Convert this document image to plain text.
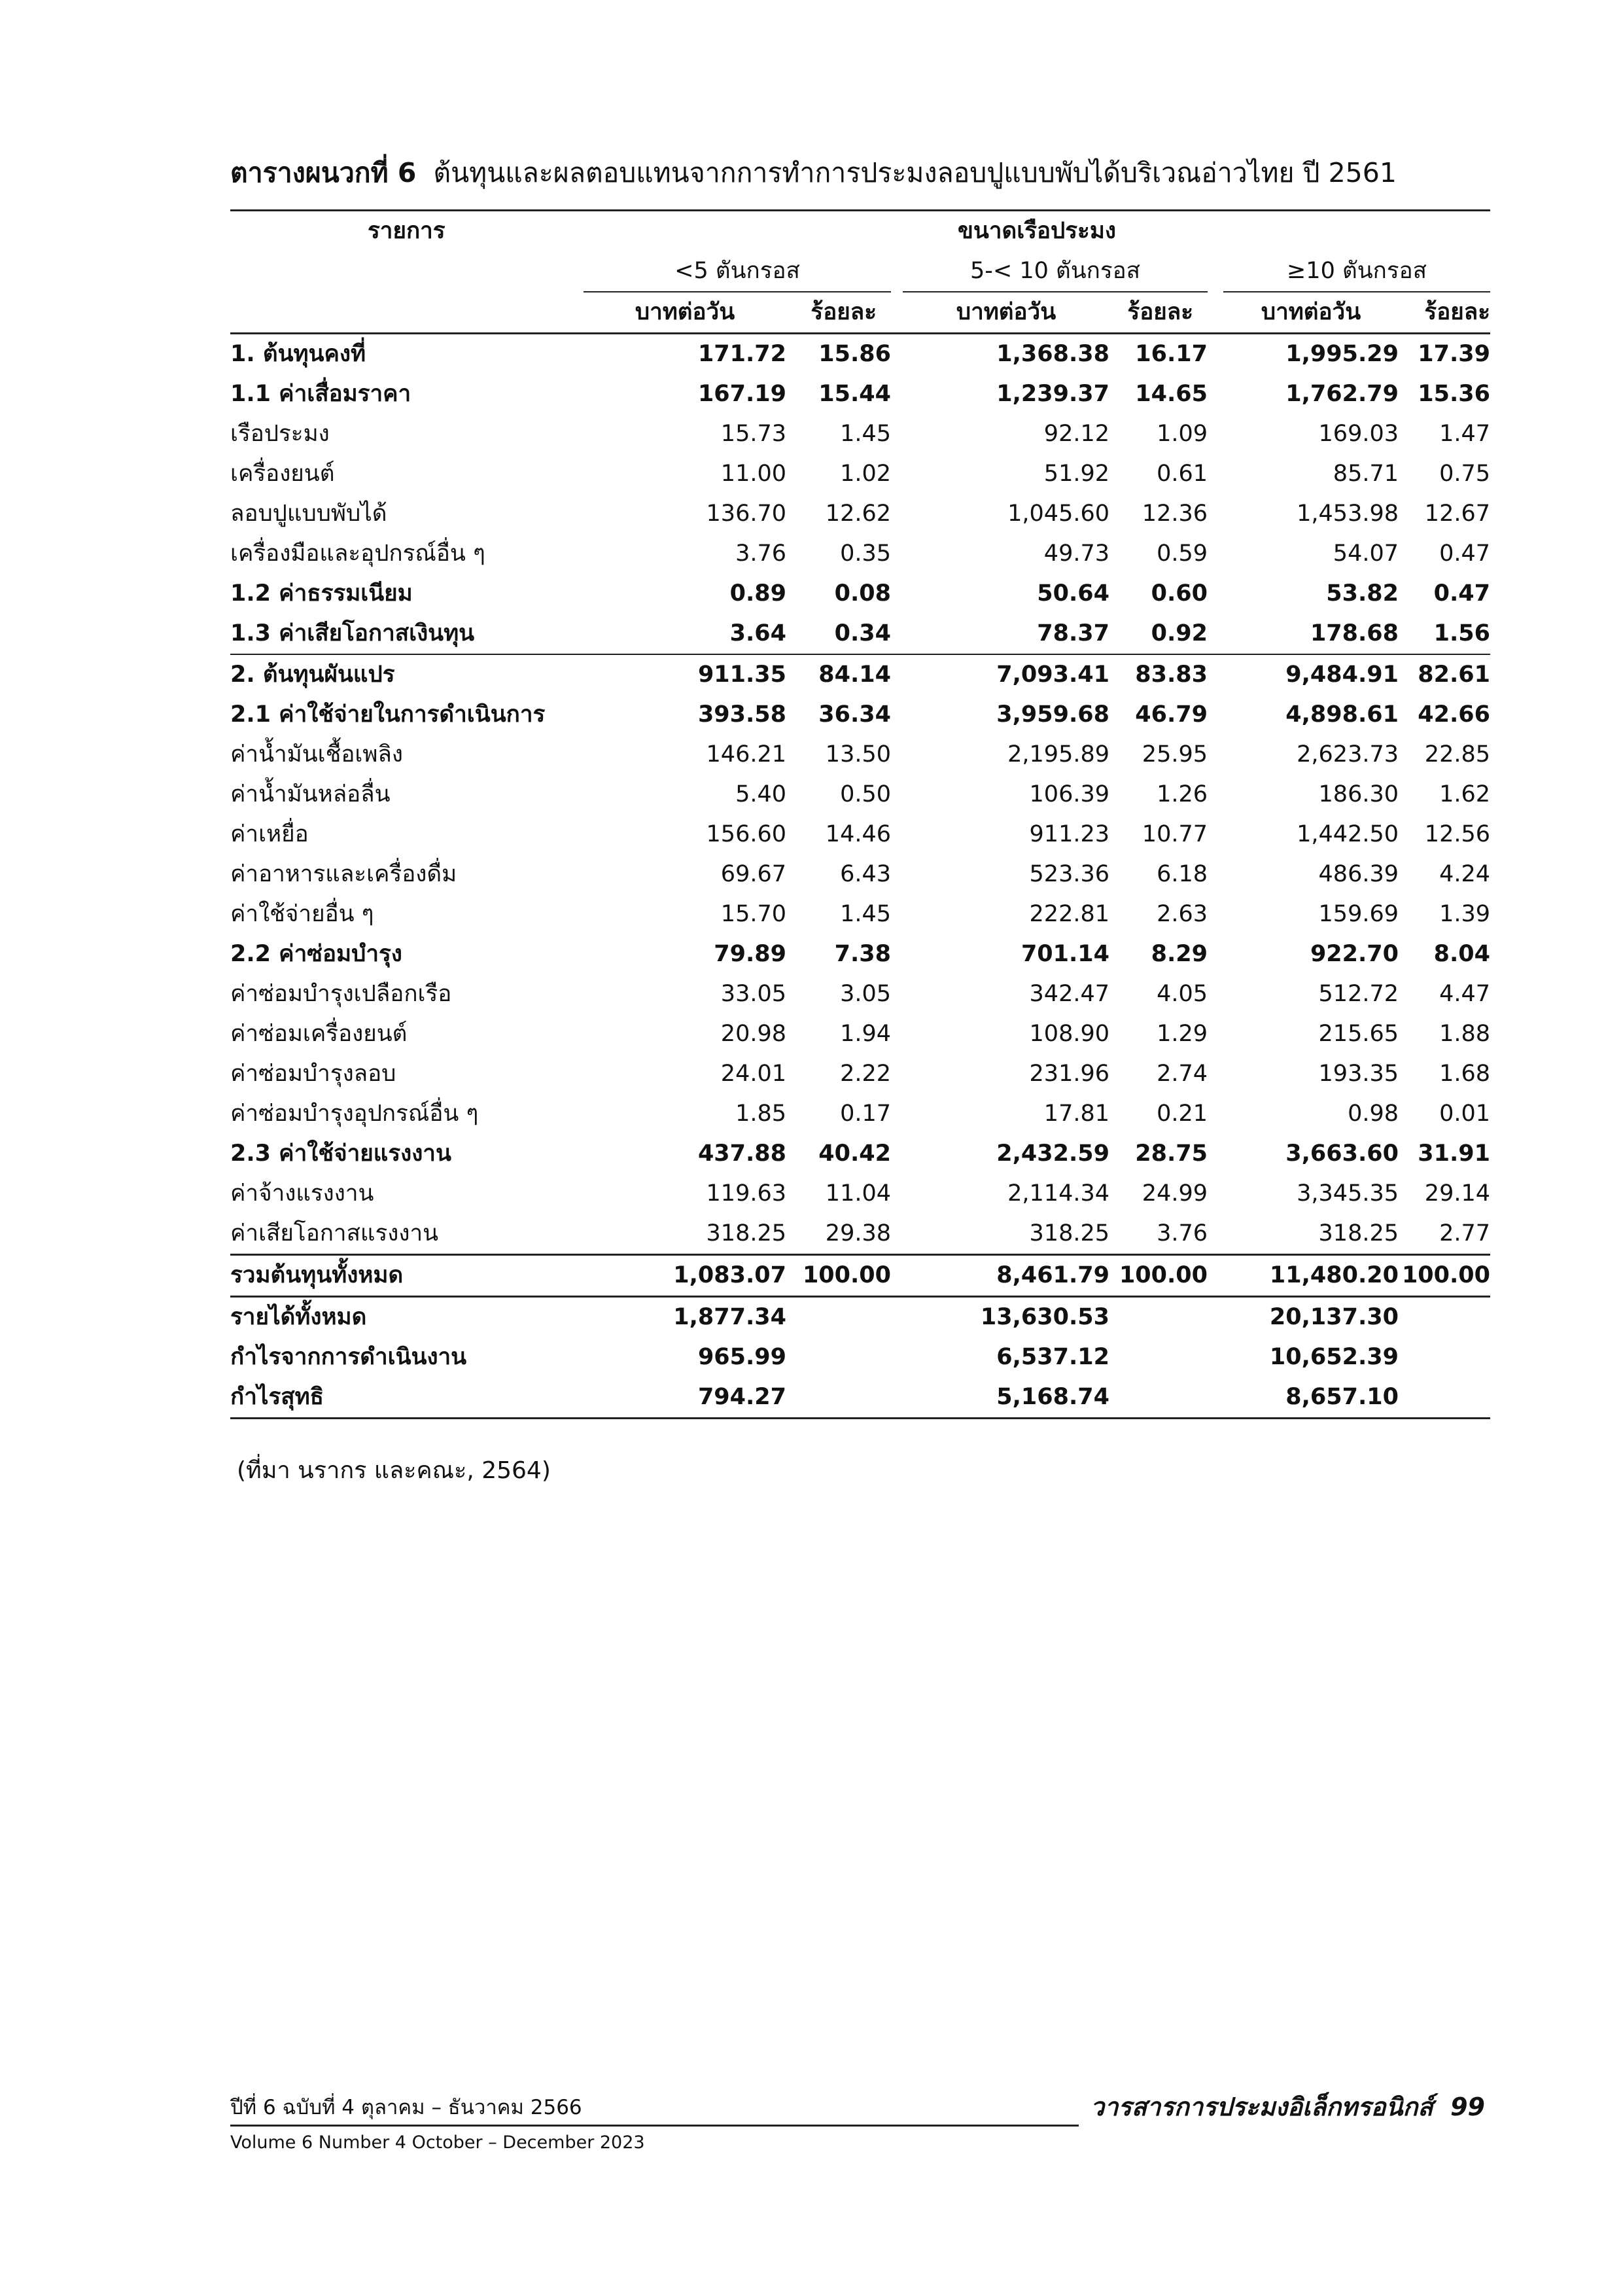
ตารางผนวกที่ 6 ต้นทุนและผลตอบแทนจากการทำการประมงลอบปูแบบพับได้บริเวณอ่าวไทย ปี 2561
รายการ	ขนาดเรือประมง							
	<5 ตันกรอส			5-< 10 ตันกรอส			≥10 ตันกรอส	
	บาทต่อวัน	ร้อยละ		บาทต่อวัน	ร้อยละ		บาทต่อวัน	ร้อยละ
1. ต้นทุนคงที่	171.72	15.86		1,368.38	16.17		1,995.29	17.39
1.1 ค่าเสื่อมราคา	167.19	15.44		1,239.37	14.65		1,762.79	15.36
เรือประมง	15.73	1.45		92.12	1.09		169.03	1.47
เครื่องยนต์	11.00	1.02		51.92	0.61		85.71	0.75
ลอบปูแบบพับได้	136.70	12.62		1,045.60	12.36		1,453.98	12.67
เครื่องมือและอุปกรณ์อื่น ๆ	3.76	0.35		49.73	0.59		54.07	0.47
1.2 ค่าธรรมเนียม	0.89	0.08		50.64	0.60		53.82	0.47
1.3 ค่าเสียโอกาสเงินทุน	3.64	0.34		78.37	0.92		178.68	1.56
2. ต้นทุนผันแปร	911.35	84.14		7,093.41	83.83		9,484.91	82.61
2.1 ค่าใช้จ่ายในการดำเนินการ	393.58	36.34		3,959.68	46.79		4,898.61	42.66
ค่าน้ำมันเชื้อเพลิง	146.21	13.50		2,195.89	25.95		2,623.73	22.85
ค่าน้ำมันหล่อลื่น	5.40	0.50		106.39	1.26		186.30	1.62
ค่าเหยื่อ	156.60	14.46		911.23	10.77		1,442.50	12.56
ค่าอาหารและเครื่องดื่ม	69.67	6.43		523.36	6.18		486.39	4.24
ค่าใช้จ่ายอื่น ๆ	15.70	1.45		222.81	2.63		159.69	1.39
2.2 ค่าซ่อมบำรุง	79.89	7.38		701.14	8.29		922.70	8.04
ค่าซ่อมบำรุงเปลือกเรือ	33.05	3.05		342.47	4.05		512.72	4.47
ค่าซ่อมเครื่องยนต์	20.98	1.94		108.90	1.29		215.65	1.88
ค่าซ่อมบำรุงลอบ	24.01	2.22		231.96	2.74		193.35	1.68
ค่าซ่อมบำรุงอุปกรณ์อื่น ๆ	1.85	0.17		17.81	0.21		0.98	0.01
2.3 ค่าใช้จ่ายแรงงาน	437.88	40.42		2,432.59	28.75		3,663.60	31.91
ค่าจ้างแรงงาน	119.63	11.04		2,114.34	24.99		3,345.35	29.14
ค่าเสียโอกาสแรงงาน	318.25	29.38		318.25	3.76		318.25	2.77
รวมต้นทุนทั้งหมด	1,083.07	100.00		8,461.79	100.00		11,480.20	100.00
รายได้ทั้งหมด	1,877.34			13,630.53			20,137.30	
กำไรจากการดำเนินงาน	965.99			6,537.12			10,652.39	
กำไรสุทธิ	794.27			5,168.74			8,657.10	
(ที่มา นรากร และคณะ, 2564)
ปีที่ 6 ฉบับที่ 4 ตุลาคม – ธันวาคม 2566
Volume 6 Number 4 October – December 2023
วารสารการประมงอิเล็กทรอนิกส์ 99
